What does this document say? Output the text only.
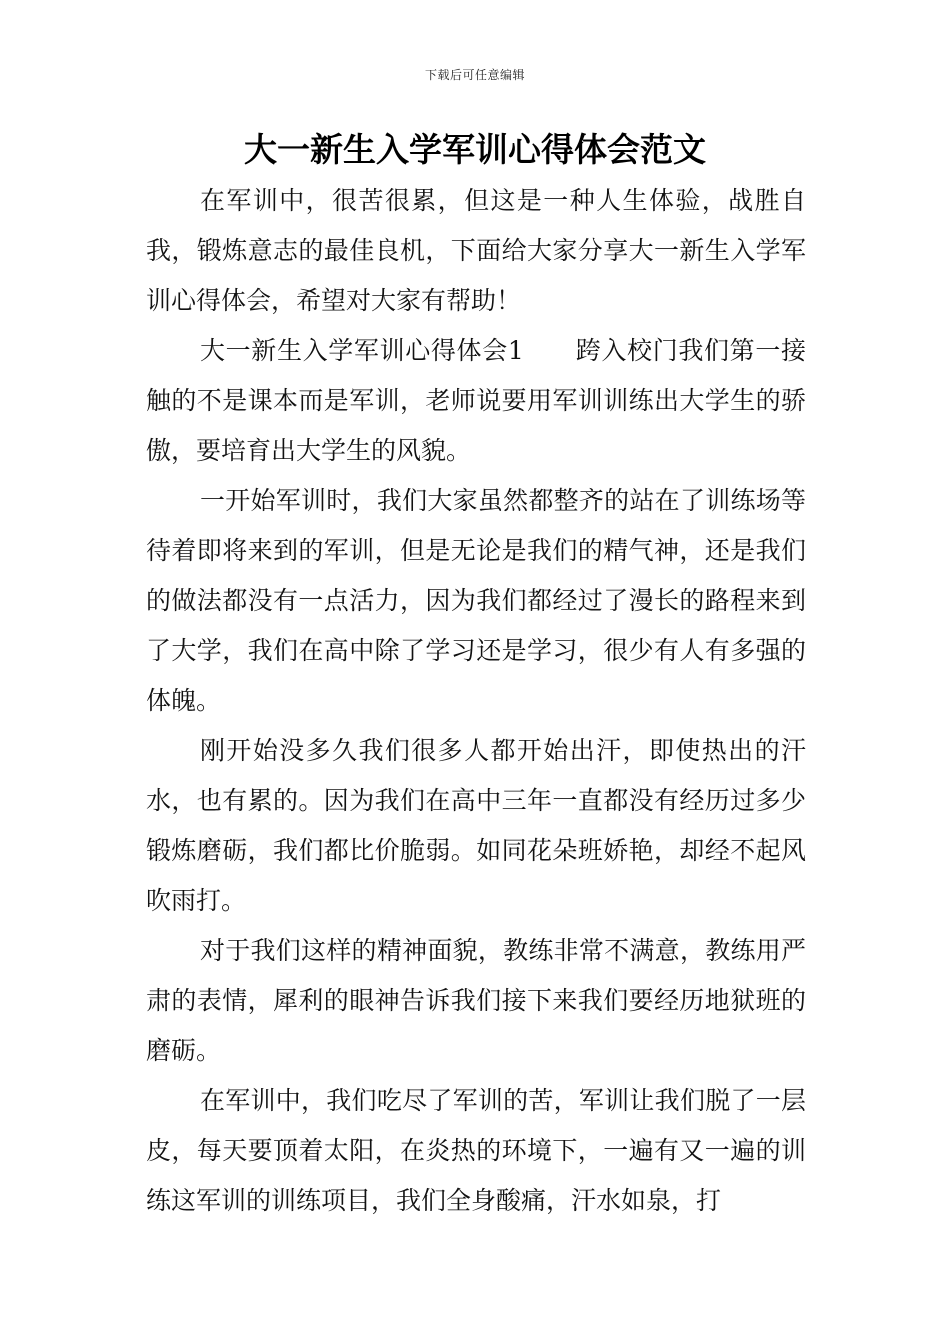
下载后可任意编辑
大一新生入学军训心得体会范文

在军训中，很苦很累，但这是一种人生体验，战胜自我，锻炼意志的最佳良机，下面给大家分享大一新生入学军训心得体会，希望对大家有帮助！

大一新生入学军训心得体会1　　跨入校门我们第一接触的不是课本而是军训，老师说要用军训训练出大学生的骄傲，要培育出大学生的风貌。

一开始军训时，我们大家虽然都整齐的站在了训练场等待着即将来到的军训，但是无论是我们的精气神，还是我们的做法都没有一点活力，因为我们都经过了漫长的路程来到了大学，我们在高中除了学习还是学习，很少有人有多强的体魄。

刚开始没多久我们很多人都开始出汗，即使热出的汗水，也有累的。因为我们在高中三年一直都没有经历过多少锻炼磨砺，我们都比价脆弱。如同花朵班娇艳，却经不起风吹雨打。

对于我们这样的精神面貌，教练非常不满意，教练用严肃的表情，犀利的眼神告诉我们接下来我们要经历地狱班的磨砺。

在军训中，我们吃尽了军训的苦，军训让我们脱了一层皮，每天要顶着太阳，在炎热的环境下，一遍有又一遍的训练这军训的训练项目，我们全身酸痛，汗水如泉，打
